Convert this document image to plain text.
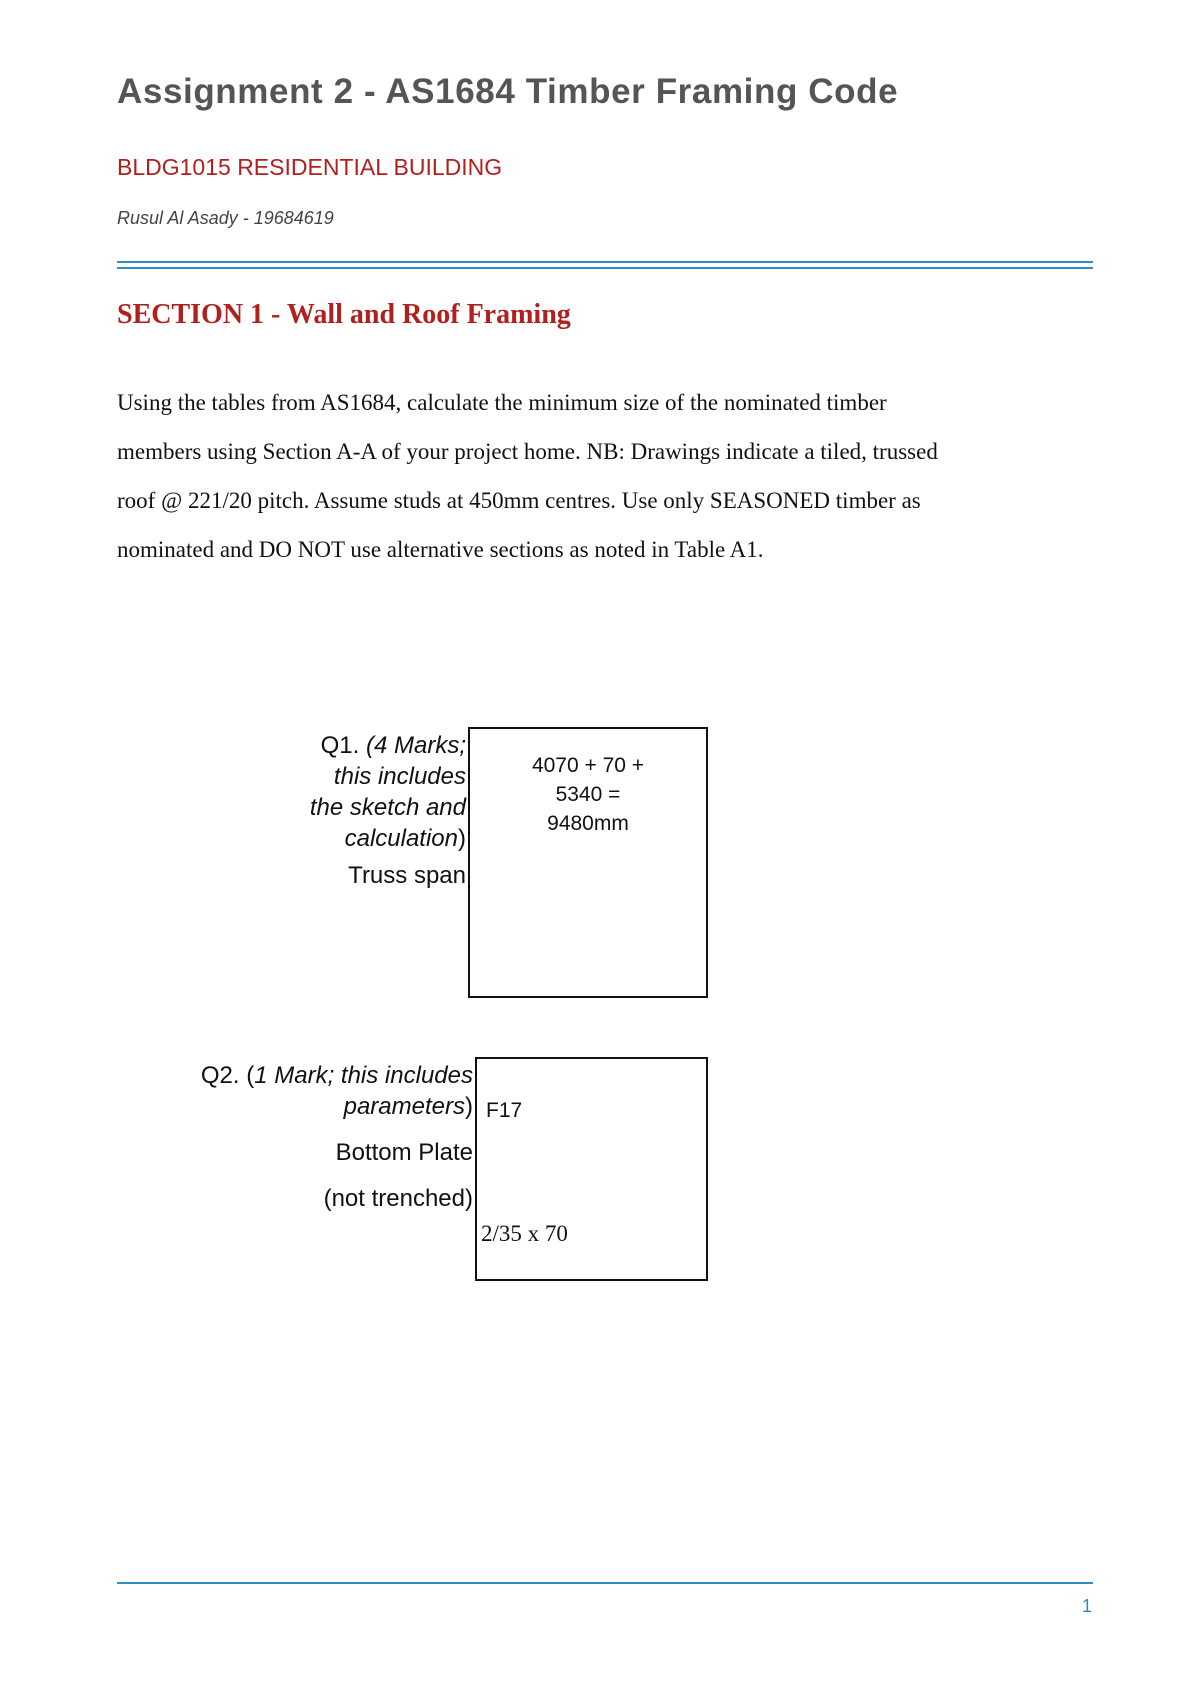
Assignment 2 - AS1684 Timber Framing Code
BLDG1015 RESIDENTIAL BUILDING
Rusul Al Asady - 19684619
SECTION 1 - Wall and Roof Framing
Using the tables from AS1684, calculate the minimum size of the nominated timber
members using Section A-A of your project home. NB: Drawings indicate a tiled, trussed
roof @ 221/20 pitch. Assume studs at 450mm centres. Use only SEASONED timber as
nominated and DO NOT use alternative sections as noted in Table A1.
Q1. (4 Marks;
this includes
the sketch and
calculation)
Truss span
4070 + 70 +
5340 =
9480mm
Q2. (1 Mark; this includes
parameters)
Bottom Plate
(not trenched)
F17
2/35 x 70
1
